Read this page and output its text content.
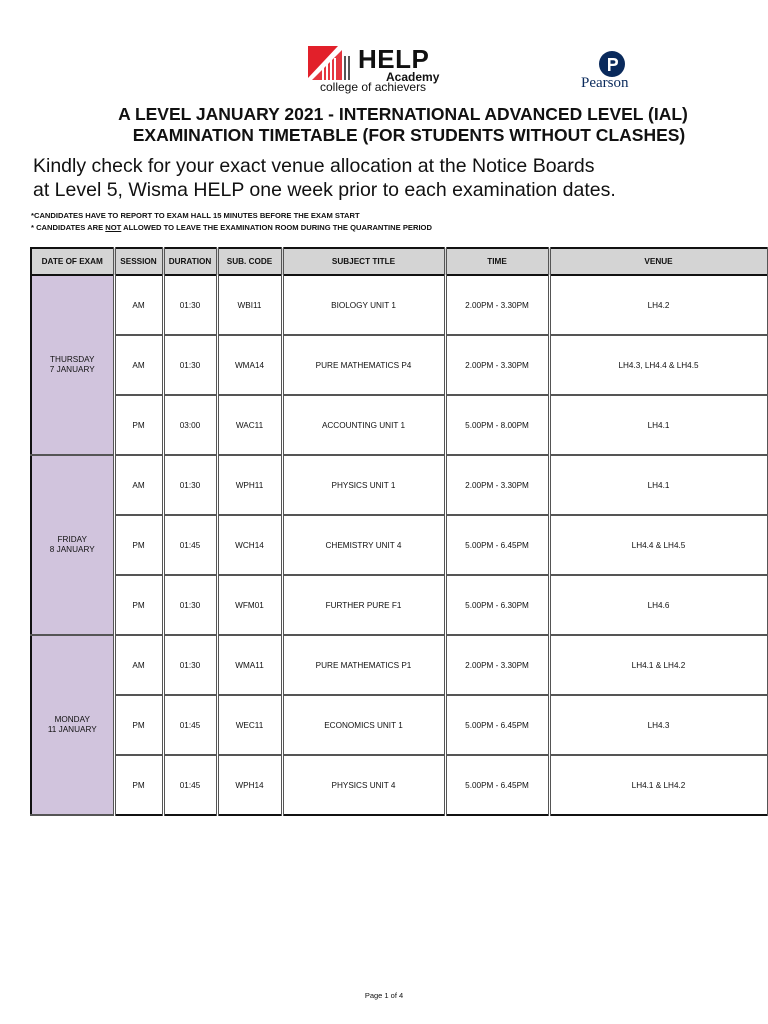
HELP
Academy
college of achievers	Pearson
A LEVEL JANUARY 2021 - INTERNATIONAL ADVANCED LEVEL (IAL)
EXAMINATION TIMETABLE (FOR STUDENTS WITHOUT CLASHES)
Kindly check for your exact venue allocation at the Notice Boards
at Level 5, Wisma HELP one week prior to each examination dates.
*CANDIDATES HAVE TO REPORT TO EXAM HALL 15 MINUTES BEFORE THE EXAM START
* CANDIDATES ARE NOT ALLOWED TO LEAVE THE EXAMINATION ROOM DURING THE QUARANTINE PERIOD
DATE OF EXAM	SESSION	DURATION	SUB. CODE	SUBJECT TITLE	TIME	VENUE

THURSDAY
7 JANUARY	AM	01:30	WBI11	BIOLOGY UNIT 1	2.00PM - 3.30PM	LH4.2
	AM	01:30	WMA14	PURE MATHEMATICS P4	2.00PM - 3.30PM	LH4.3, LH4.4 & LH4.5
	PM	03:00	WAC11	ACCOUNTING UNIT 1	5.00PM - 8.00PM	LH4.1

FRIDAY
8 JANUARY	AM	01:30	WPH11	PHYSICS UNIT 1	2.00PM - 3.30PM	LH4.1
	PM	01:45	WCH14	CHEMISTRY UNIT 4	5.00PM - 6.45PM	LH4.4 & LH4.5
	PM	01:30	WFM01	FURTHER PURE F1	5.00PM - 6.30PM	LH4.6

MONDAY
11 JANUARY	AM	01:30	WMA11	PURE MATHEMATICS P1	2.00PM - 3.30PM	LH4.1 & LH4.2
	PM	01:45	WEC11	ECONOMICS UNIT 1	5.00PM - 6.45PM	LH4.3
	PM	01:45	WPH14	PHYSICS UNIT 4	5.00PM - 6.45PM	LH4.1 & LH4.2
Page 1 of 4
